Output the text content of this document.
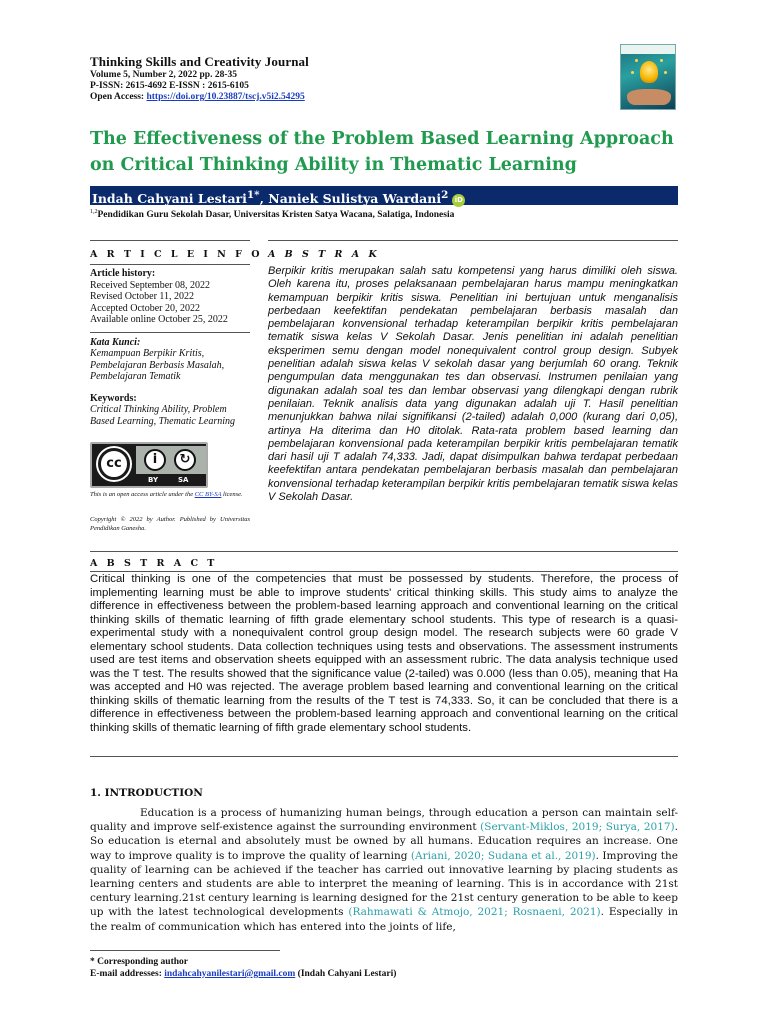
Thinking Skills and Creativity Journal
Volume 5, Number 2, 2022 pp. 28-35
P-ISSN: 2615-4692 E-ISSN : 2615-6105
Open Access: https://doi.org/10.23887/tscj.v5i2.54295
The Effectiveness of the Problem Based Learning Approach on Critical Thinking Ability in Thematic Learning
Indah Cahyani Lestari$^{1*}$, Naniek Sulistya Wardani$^2$ iD
$^{1,2}$Pendidikan Guru Sekolah Dasar, Universitas Kristen Satya Wacana, Salatiga, Indonesia
A R T I C L E I N F O
Article history:
Received September 08, 2022
Revised October 11, 2022
Accepted October 20, 2022
Available online October 25, 2022
Kata Kunci:
Kemampuan Berpikir Kritis,
Pembelajaran Berbasis Masalah,
Pembelajaran Tematik
Keywords:
Critical Thinking Ability, Problem
Based Learning, Thematic Learning
cc	i	↻
BY	SA
This is an open access article under the CC BY-SA license.
Copyright © 2022 by Author. Published by Universitas Pendidikan Ganesha.
A B S T R A K
Berpikir kritis merupakan salah satu kompetensi yang harus dimiliki oleh siswa. Oleh karena itu, proses pelaksanaan pembelajaran harus mampu meningkatkan kemampuan berpikir kritis siswa. Penelitian ini bertujuan untuk menganalisis perbedaan keefektifan pendekatan pembelajaran berbasis masalah dan pembelajaran konvensional terhadap keterampilan berpikir kritis pembelajaran tematik siswa kelas V Sekolah Dasar. Jenis penelitian ini adalah penelitian eksperimen semu dengan model nonequivalent control group design. Subyek penelitian adalah siswa kelas V sekolah dasar yang berjumlah 60 orang. Teknik pengumpulan data menggunakan tes dan observasi. Instrumen penilaian yang digunakan adalah soal tes dan lembar observasi yang dilengkapi dengan rubrik penilaian. Teknik analisis data yang digunakan adalah uji T. Hasil penelitian menunjukkan bahwa nilai signifikansi (2-tailed) adalah 0,000 (kurang dari 0,05), artinya Ha diterima dan H0 ditolak. Rata-rata problem based learning dan pembelajaran konvensional pada keterampilan berpikir kritis pembelajaran tematik dari hasil uji T adalah 74,333. Jadi, dapat disimpulkan bahwa terdapat perbedaan keefektifan antara pendekatan pembelajaran berbasis masalah dan pembelajaran konvensional terhadap keterampilan berpikir kritis pembelajaran tematik siswa kelas V Sekolah Dasar.
A B S T R A C T
Critical thinking is one of the competencies that must be possessed by students. Therefore, the process of implementing learning must be able to improve students' critical thinking skills. This study aims to analyze the difference in effectiveness between the problem-based learning approach and conventional learning on the critical thinking skills of thematic learning of fifth grade elementary school students. This type of research is a quasi-experimental study with a nonequivalent control group design model. The research subjects were 60 grade V elementary school students. Data collection techniques using tests and observations. The assessment instruments used are test items and observation sheets equipped with an assessment rubric. The data analysis technique used was the T test. The results showed that the significance value (2-tailed) was 0.000 (less than 0.05), meaning that Ha was accepted and H0 was rejected. The average problem based learning and conventional learning on the critical thinking skills of thematic learning from the results of the T test is 74,333. So, it can be concluded that there is a difference in effectiveness between the problem-based learning approach and conventional learning on the critical thinking skills of thematic learning of fifth grade elementary school students.
1. INTRODUCTION
Education is a process of humanizing human beings, through education a person can maintain self-quality and improve self-existence against the surrounding environment (Servant-Miklos, 2019; Surya, 2017). So education is eternal and absolutely must be owned by all humans. Education requires an increase. One way to improve quality is to improve the quality of learning (Ariani, 2020; Sudana et al., 2019). Improving the quality of learning can be achieved if the teacher has carried out innovative learning by placing students as learning centers and students are able to interpret the meaning of learning. This is in accordance with 21st century learning.21st century learning is learning designed for the 21st century generation to be able to keep up with the latest technological developments (Rahmawati & Atmojo, 2021; Rosnaeni, 2021). Especially in the realm of communication which has entered into the joints of life,
* Corresponding author
E-mail addresses: indahcahyanilestari@gmail.com (Indah Cahyani Lestari)
